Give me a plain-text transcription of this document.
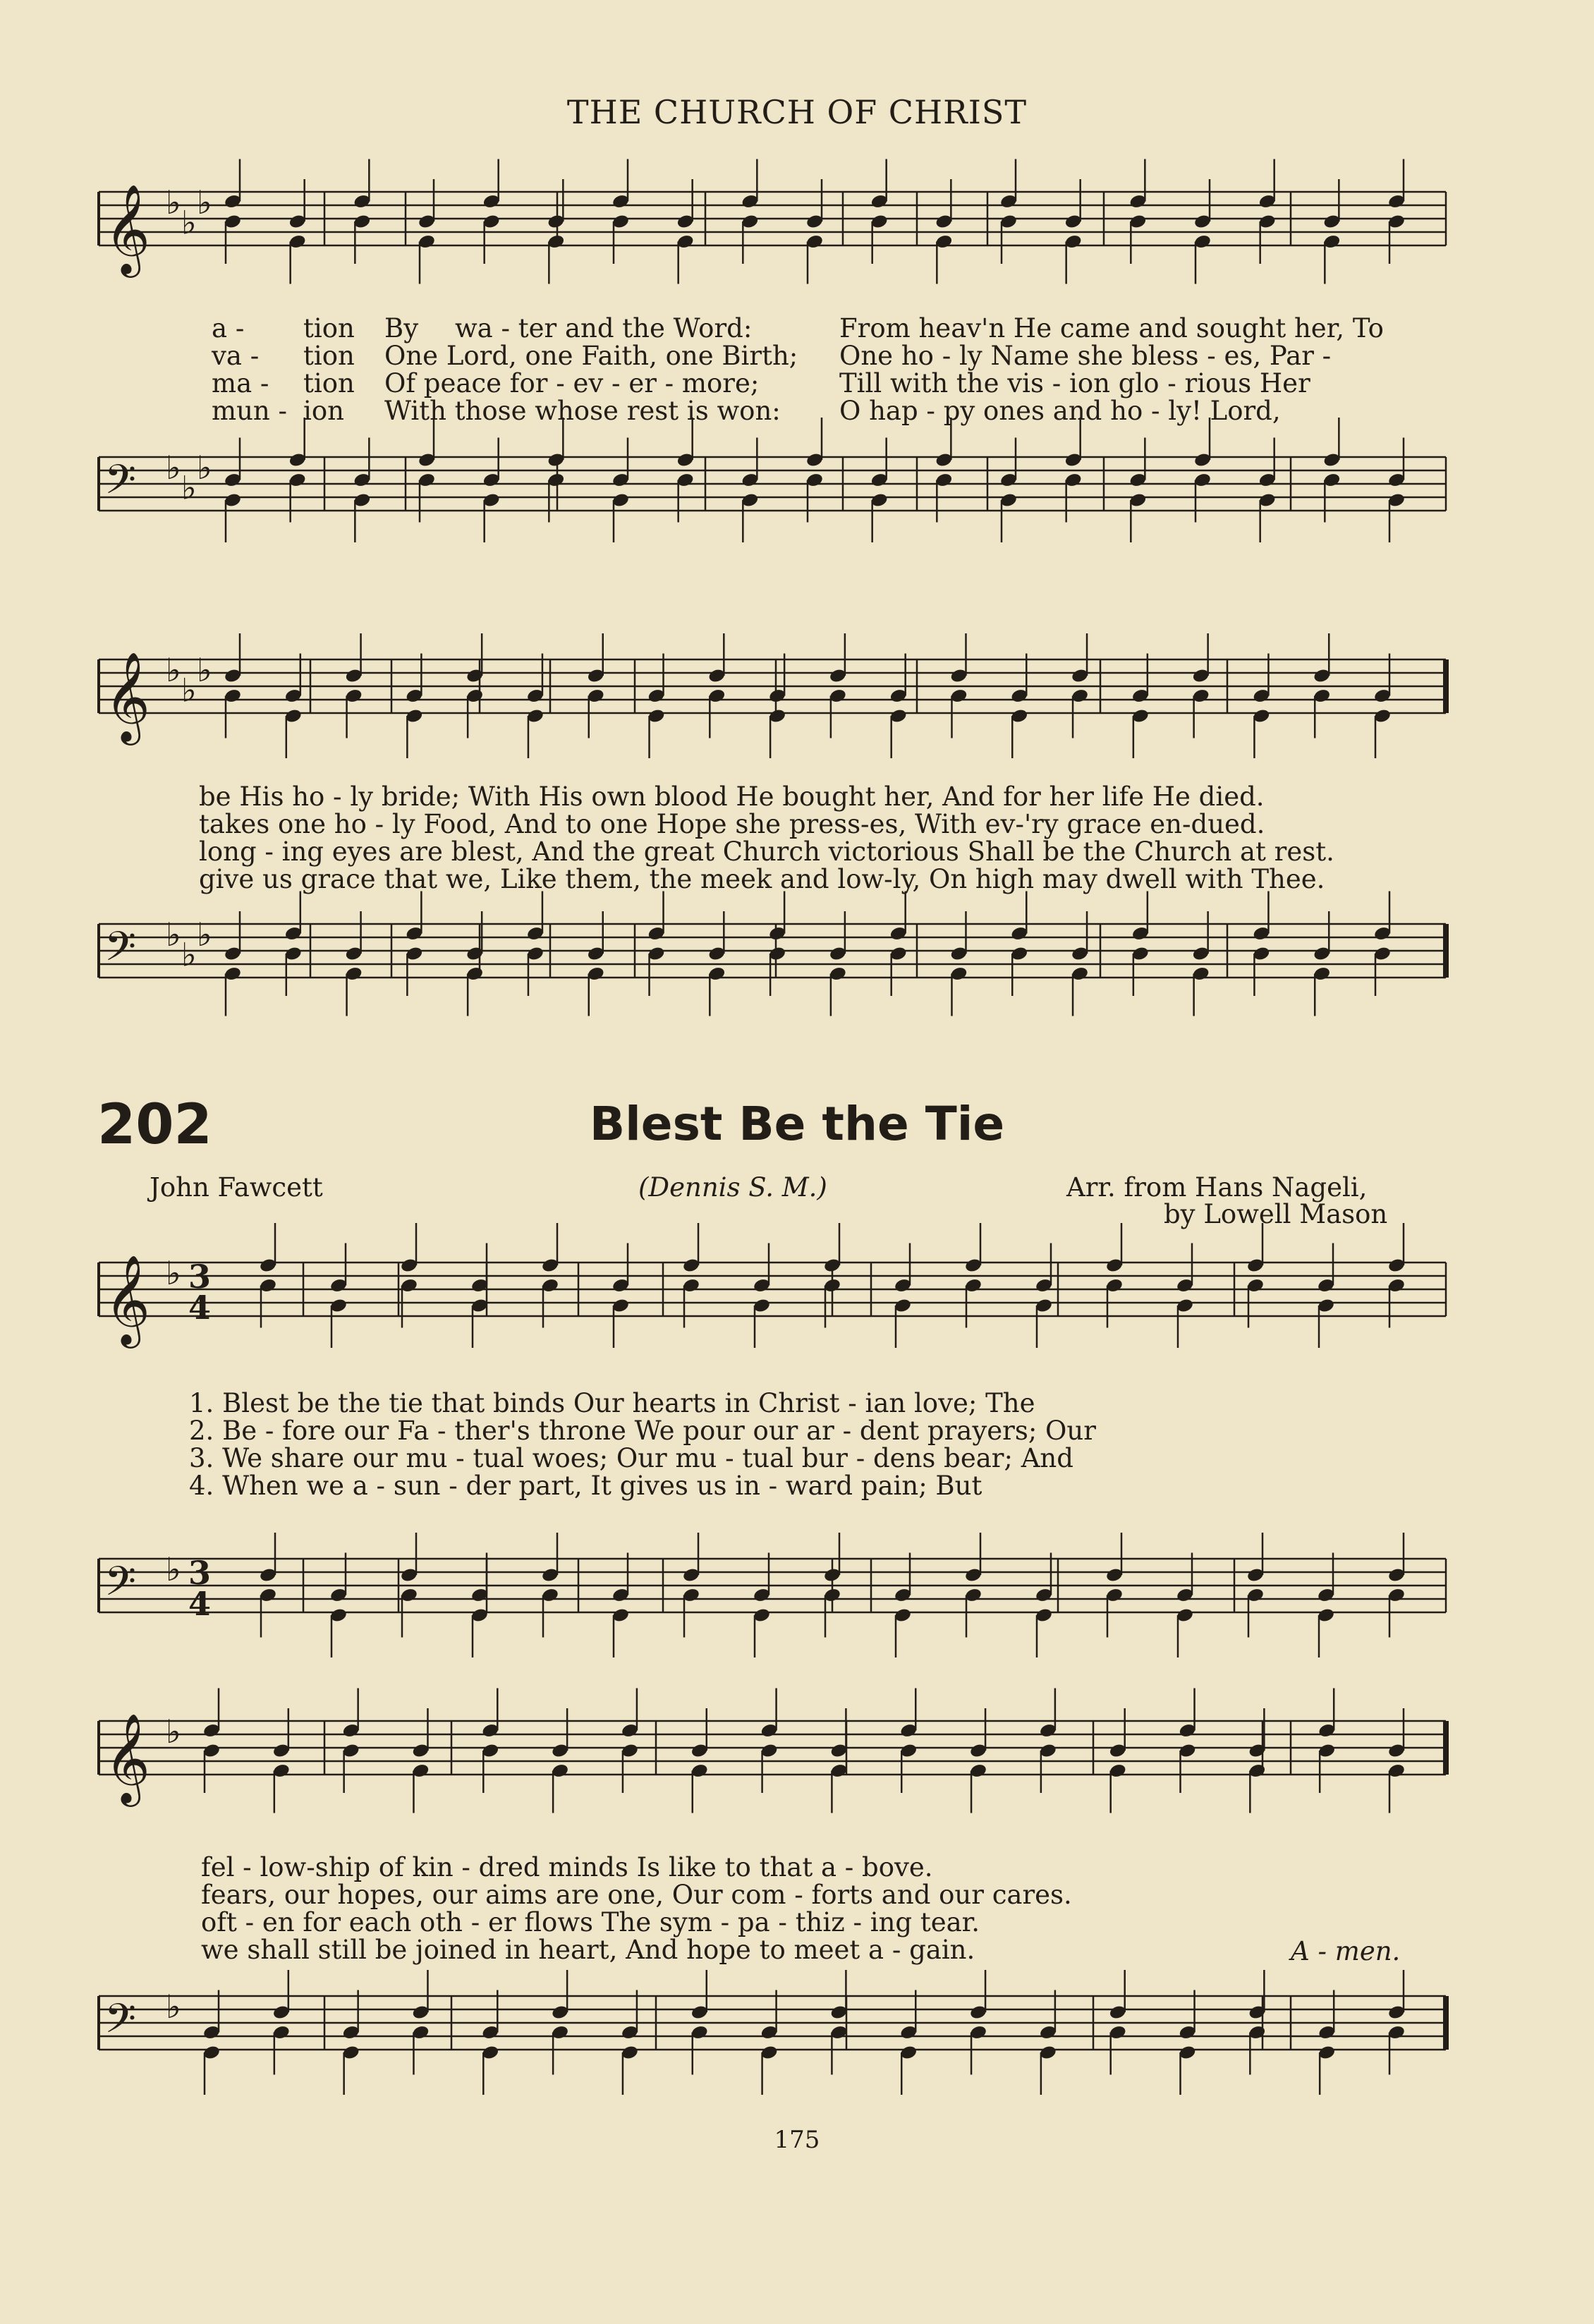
THE CHURCH OF CHRIST
𝄞 ♭
♭
♭
𝄢 ♭
♭
♭
𝄞 ♭
♭
♭
𝄢 ♭
♭
♭
𝄞 ♭ 3
4
𝄢 ♭ 3
4
𝄞 ♭
𝄢 ♭
a - tion By wa - ter and the Word:	From heav'n He came and sought her, To
va - tion One Lord, one Faith, one Birth; One ho - ly Name she bless - es, Par -
ma - tion Of peace for - ev - er - more;	Till with the vis - ion glo - rious Her
mun - ion With those whose rest is won: O hap - py ones and ho - ly! Lord,
be His ho - ly bride; With His own blood He bought her, And for her life He died.
takes one ho - ly Food, And to one Hope she press-es, With ev-'ry grace en-dued.
long - ing eyes are blest, And the great Church victorious Shall be the Church at rest.
give us grace that we, Like them, the meek and low-ly, On high may dwell with Thee.
202	Blest Be the Tie
John Fawcett	(Dennis S. M.)	Arr. from Hans Nageli,
by Lowell Mason
1. Blest be the tie that binds Our hearts in Christ - ian love; The
2. Be - fore our Fa - ther's throne We pour our ar - dent prayers; Our
3. We share our mu - tual woes; Our mu - tual bur - dens bear; And
4. When we a - sun - der part, It gives us in - ward pain; But
fel - low-ship of kin - dred minds Is like to that a - bove.
fears, our hopes, our aims are one, Our com - forts and our cares.
oft - en for each oth - er flows The sym - pa - thiz - ing tear.
we shall still be joined in heart, And hope to meet a - gain.	A - men.
175
